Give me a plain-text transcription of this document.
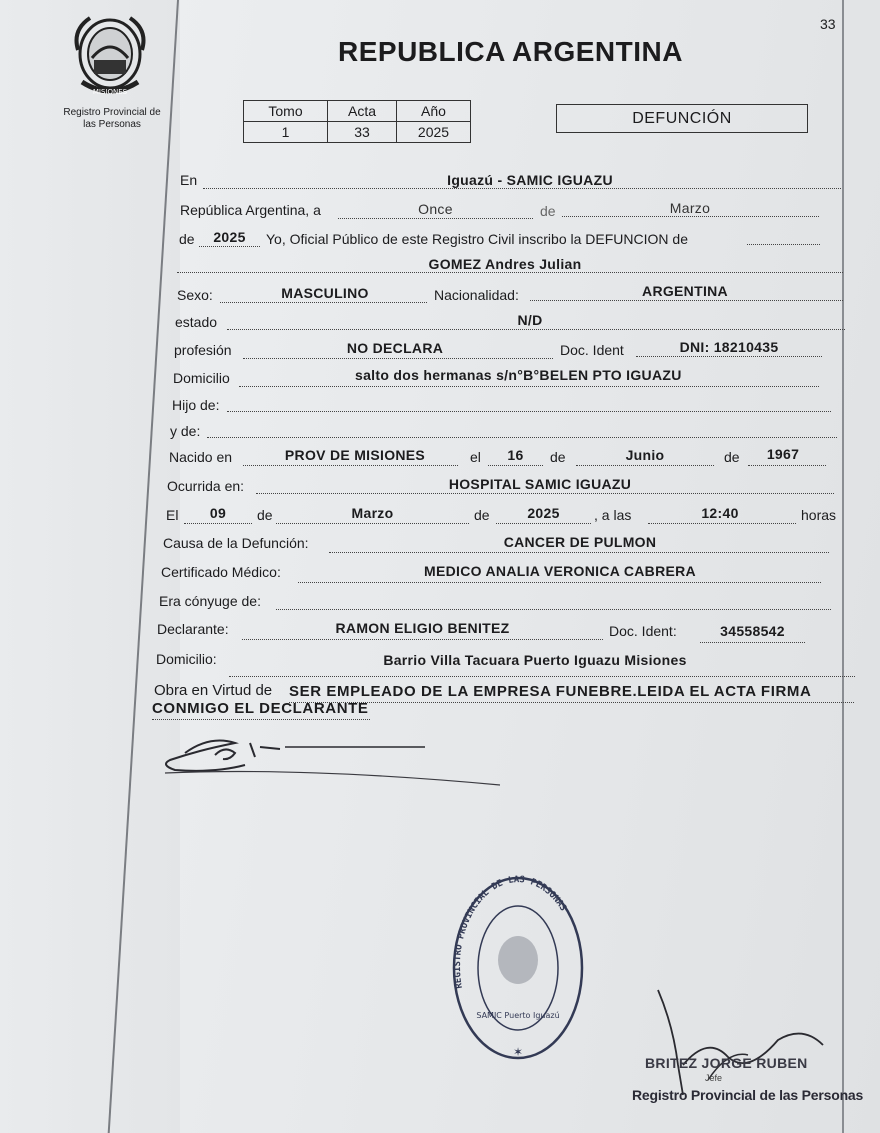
33
REPUBLICA ARGENTINA
MISIONES
Registro Provincial de
las Personas
Tomo	Acta	Año
1	33	2025
DEFUNCIÓN
En	Iguazú - SAMIC IGUAZU
República Argentina, a	Once	de	Marzo
de	2025	Yo, Oficial Público de este Registro Civil inscribo la DEFUNCION de
GOMEZ Andres Julian
Sexo:	MASCULINO	Nacionalidad:	ARGENTINA
estado	N/D
profesión	NO DECLARA	Doc. Ident	DNI: 18210435
Domicilio	salto dos hermanas s/n°B°BELEN PTO IGUAZU
Hijo de:
y de:
Nacido en	PROV DE MISIONES	el	16	de	Junio	de	1967
Ocurrida en:	HOSPITAL SAMIC IGUAZU
El	09	de	Marzo	de	2025	, a las	12:40	horas
Causa de la Defunción:	CANCER DE PULMON
Certificado Médico:	MEDICO ANALIA VERONICA CABRERA
Era cónyuge de:
Declarante:	RAMON ELIGIO BENITEZ	Doc. Ident:	34558542
Domicilio:	Barrio Villa Tacuara Puerto Iguazu Misiones
Obra en Virtud de SER EMPLEADO DE LA EMPRESA FUNEBRE.LEIDA EL ACTA FIRMA
CONMIGO EL DECLARANTE
REGISTRO PROVINCIAL DE LAS PERSONAS
SAMIC Puerto Iguazú
✶
BRITEZ JORGE RUBEN
Jefe
Registro Provincial de las Personas
